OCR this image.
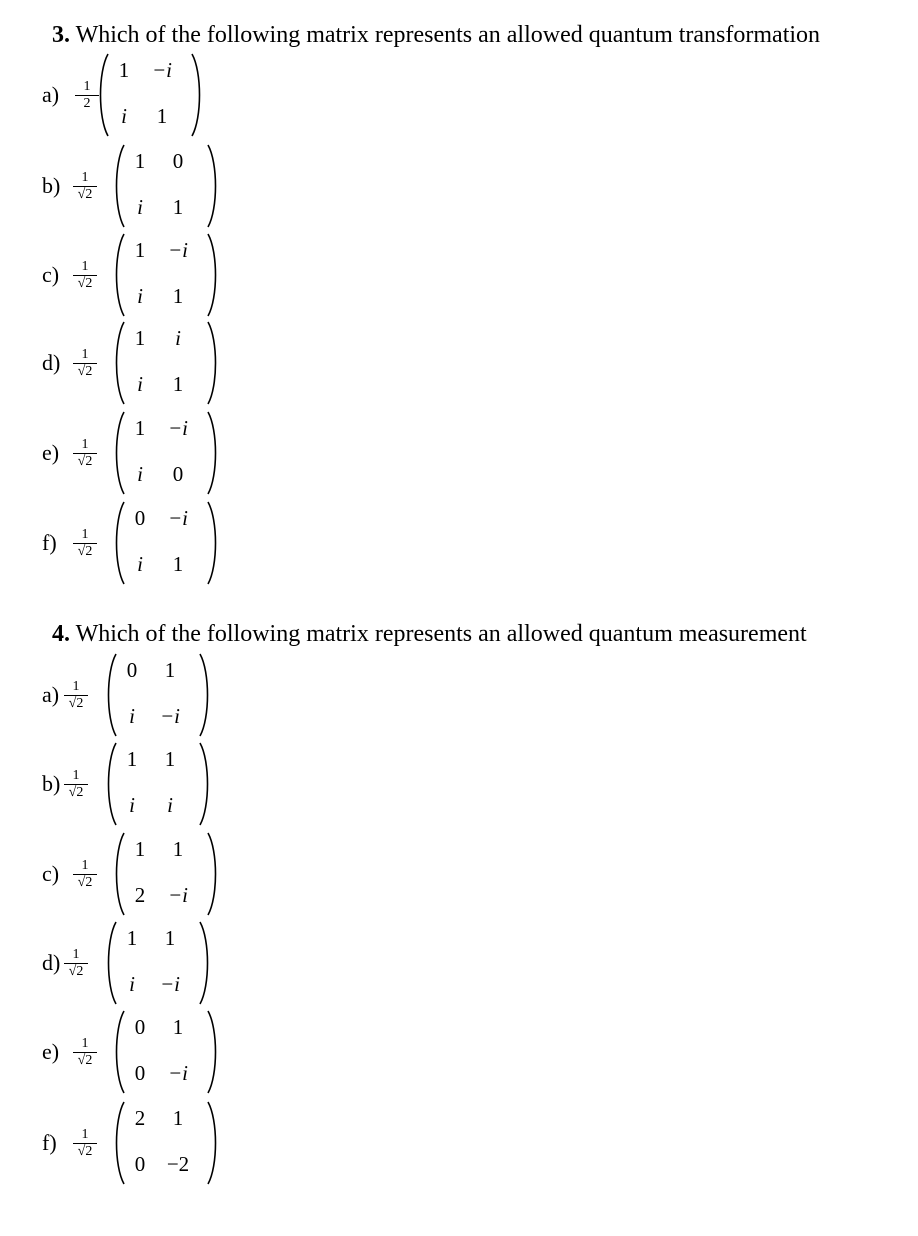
3. Which of the following matrix represents an allowed quantum transformation
4. Which of the following matrix represents an allowed quantum measurement
$a) \frac{1}{2}$
1	−i
i	1
$b) \frac{1}{√2}$
1	0
i	1
$c) \frac{1}{√2}$
1	−i
i	1
$d) \frac{1}{√2}$
1	i
i	1
$e) \frac{1}{√2}$
1	−i
i	0
$f) \frac{1}{√2}$
0	−i
i	1
$a) \frac{1}{√2}$
0	1
i	−i
$b) \frac{1}{√2}$
1	1
i	i
$c) \frac{1}{√2}$
1	1
2	−i
$d) \frac{1}{√2}$
1	1
i	−i
$e) \frac{1}{√2}$
0	1
0	−i
$f) \frac{1}{√2}$
2	1
0	−2
